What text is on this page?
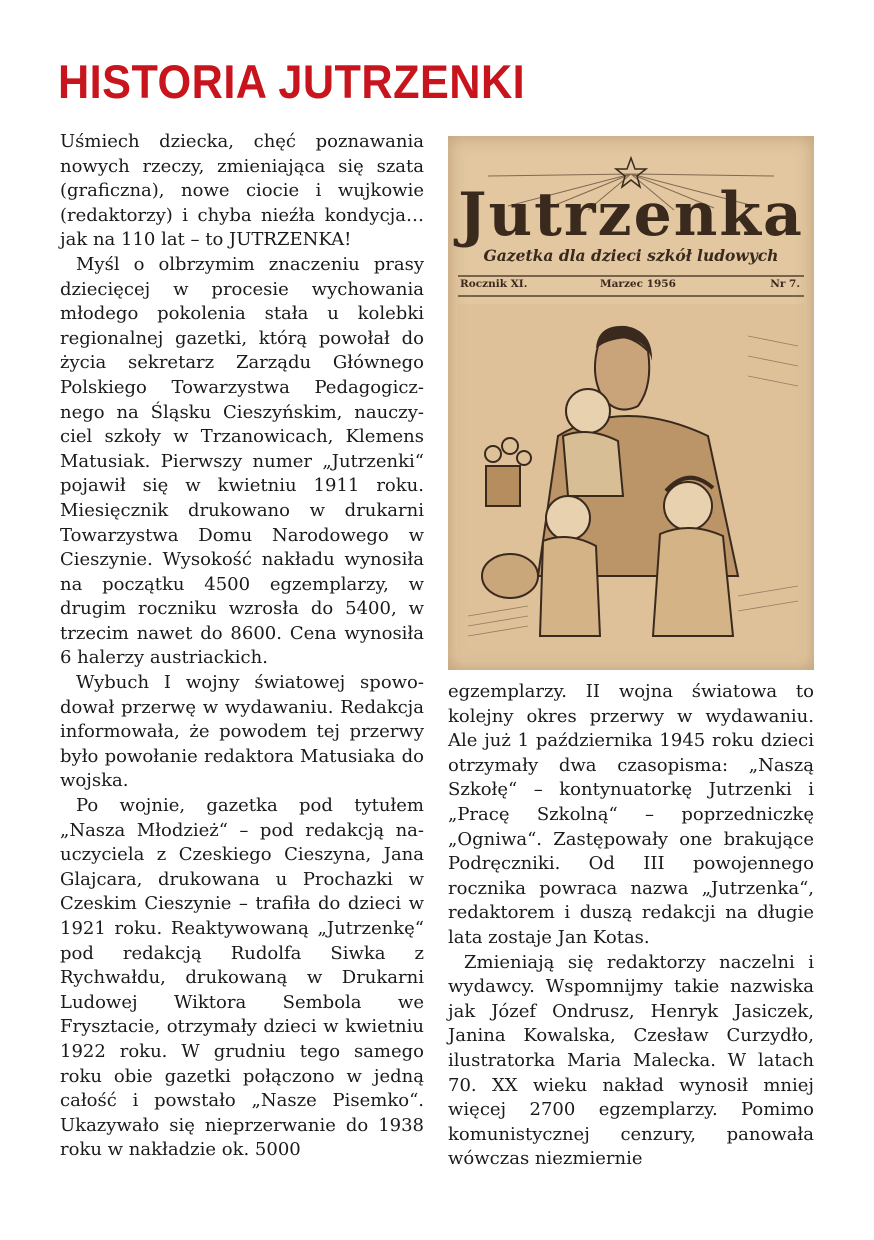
HISTORIA JUTRZENKI

Uśmiech dziecka, chęć poznawania nowych rzeczy, zmieniająca się szata (graficzna), nowe ciocie i wujkowie (redaktorzy) i chyba nieźła kondycja… jak na 110 lat – to JUTRZENKA!

Myśl o olbrzymim znaczeniu prasy dziecięcej w procesie wychowania młodego pokolenia stała u kolebki regionalnej gazetki, którą powołał do życia sekretarz Zarządu Głównego Polskiego Towarzystwa Pedagogicznego na Śląsku Cieszyńskim, nauczyciel szkoły w Trzanowicach, Klemens Matusiak. Pierwszy numer „Jutrzenki“ pojawił się w kwietniu 1911 roku. Miesięcznik drukowano w drukarni Towarzystwa Domu Narodowego w Cieszynie. Wysokość nakładu wynosiła na początku 4500 egzemplarzy, w drugim roczniku wzrosła do 5400, w trzecim nawet do 8600. Cena wynosiła 6 halerzy austriackich.

Wybuch I wojny światowej spowodował przerwę w wydawaniu. Redakcja informowała, że powodem tej przerwy było powołanie redaktora Matusiaka do wojska.

Po wojnie, gazetka pod tytułem „Nasza Młodzież“ – pod redakcją nauczyciela z Czeskiego Cieszyna, Jana Glajcara, drukowana u Prochazki w Czeskim Cieszynie – trafiła do dzieci w 1921 roku. Reaktywowaną „Jutrzenkę“ pod redakcją Rudolfa Siwka z Rychwałdu, drukowaną w Drukarni Ludowej Wiktora Sembola we Frysztacie, otrzymały dzieci w kwietniu 1922 roku. W grudniu tego samego roku obie gazetki połączono w jedną całość i powstało „Nasze Pisemko“. Ukazywało się nieprzerwanie do 1938 roku w nakładzie ok. 5000

Jutrzenka
Gazetka dla dzieci szkół ludowych
Rocznik XI.	Marzec 1956	Nr 7.

egzemplarzy. II wojna światowa to kolejny okres przerwy w wydawaniu. Ale już 1 października 1945 roku dzieci otrzymały dwa czasopisma: „Naszą Szkołę“ – kontynuatorkę Jutrzenki i „Pracę Szkolną“ – poprzedniczkę „Ogniwa“. Zastępowały one brakujące Podręczniki. Od III powojennego rocznika powraca nazwa „Jutrzenka“, redaktorem i duszą redakcji na długie lata zostaje Jan Kotas.

Zmieniają się redaktorzy naczelni i wydawcy. Wspomnijmy takie nazwiska jak Józef Ondrusz, Henryk Jasiczek, Janina Kowalska, Czesław Curzydło, ilustratorka Maria Malecka. W latach 70. XX wieku nakład wynosił mniej więcej 2700 egzemplarzy. Pomimo komunistycznej cenzury, panowała wówczas niezmiernie
